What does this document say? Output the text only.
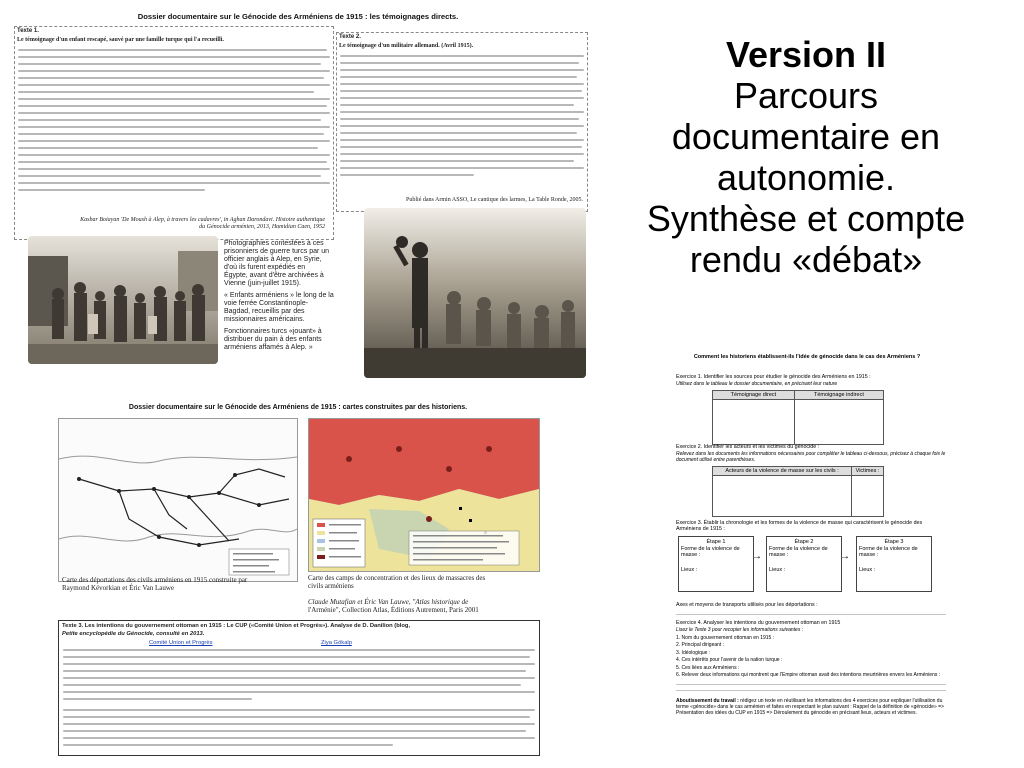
Dossier documentaire sur le Génocide des Arméniens de 1915 : les témoignages directs.
Texte 1.
Le témoignage d'un enfant rescapé, sauvé par une famille turque qui l'a recueilli.
Kasbar Boiayan 'De Moush à Alep, à travers les cadavres', in Aghan Darondavi. Histoire authentique du Génocide arménien, 2013, Hamidian Caen, 1952
Texte 2.
Le témoignage d'un militaire allemand. (Avril 1915).
Publié dans Armin ASSO, Le cantique des larmes, La Table Ronde, 2005.
Photographies contestées à ces
prisonniers de guerre turcs par un
officier anglais à Alep, en Syrie,
d'où ils furent expédiés en
Égypte, avant d'être archivées à
Vienne (juin-juillet 1915).
« Enfants arméniens » le long de la
voie ferrée Constantinople-
Bagdad, recueillis par des
missionnaires américains.
Fonctionnaires turcs «jouant» à
distribuer du pain à des enfants
arméniens affamés à Alep. »
Version II
Parcours
documentaire en
autonomie.
Synthèse et compte
rendu «débat»
Dossier documentaire sur le Génocide des Arméniens de 1915 : cartes construites par des historiens.
Carte des déportations des civils arméniens en 1915 construite par
Raymond Kévorkian et Éric Van Lauwe
Carte des camps de concentration et des lieux de massacres des
civils arméniens
Claude Mutafian et Éric Van Lauwe, "Atlas historique de
l'Arménie", Collection Atlas, Éditions Autrement, Paris 2001
Texte 3. Les intentions du gouvernement ottoman en 1915 : Le CUP («Comité Union et Progrès»). Analyse de D. Danilion (blog,
Petite encyclopédie du Génocide, consulté en 2013.
Comité Union et Progrès	Ziya Gökalp
Comment les historiens établissent-ils l'idée de génocide dans le cas des Arméniens ?
Exercice 1. Identifier les sources pour étudier le génocide des Arméniens en 1915 :
Utilisez dans le tableau le dossier documentaire, en précisant leur nature
Témoignage direct	Témoignage indirect

Exercice 2. Identifier les acteurs et les victimes du génocide :
Relevez dans les documents les informations nécessaires pour compléter le tableau ci-dessous, précisez à chaque fois le document utilisé entre parenthèses.
Acteurs de la violence de masse sur les civils :	Victimes :

Exercice 3. Établir la chronologie et les formes de la violence de masse qui caractérisent le génocide des Arméniens de 1915 :
Étape 1
Forme de la violence de masse :
Lieux :
→
Étape 2
Forme de la violence de masse :
Lieux :
→
Étape 3
Forme de la violence de masse :
Lieux :
Axes et moyens de transports utilisés pour les déportations :
Exercice 4. Analyser les intentions du gouvernement ottoman en 1915
Lisez le Texte 3 pour recopier les informations suivantes :
1. Nom du gouvernement ottoman en 1915 :
2. Principal dirigeant :
3. Idéologique :
4. Ces intérêts pour l'avenir de la nation turque :
5. Ces liées aux Arméniens :
6. Relever deux informations qui montrent que l'Empire ottoman avait des intentions meurtrières envers les Arméniens :
Aboutissement du travail : rédigez un texte en réutilisant les informations des 4 exercices pour expliquer l'utilisation du terme «génocide» dans le cas arménien et faites en respectant le plan suivant : Rappel de la définition de «génocide» => Présentation des idées du CUP en 1915 => Déroulement du génocide en précisant lieux, acteurs et victimes.
